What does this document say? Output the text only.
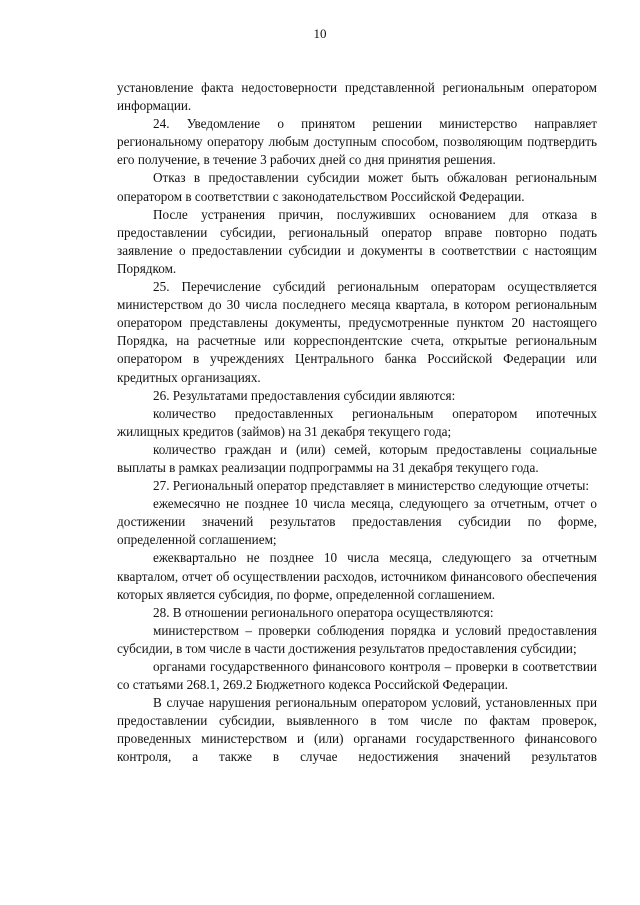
10

установление факта недостоверности представленной региональным оператором информации.

24. Уведомление о принятом решении министерство направляет региональному оператору любым доступным способом, позволяющим подтвердить его получение, в течение 3 рабочих дней со дня принятия решения.

Отказ в предоставлении субсидии может быть обжалован региональным оператором в соответствии с законодательством Российской Федерации.

После устранения причин, послуживших основанием для отказа в предоставлении субсидии, региональный оператор вправе повторно подать заявление о предоставлении субсидии и документы в соответствии с настоящим Порядком.

25. Перечисление субсидий региональным операторам осуществляется министерством до 30 числа последнего месяца квартала, в котором региональным оператором представлены документы, предусмотренные пунктом 20 настоящего Порядка, на расчетные или корреспондентские счета, открытые региональным оператором в учреждениях Центрального банка Российской Федерации или кредитных организациях.

26. Результатами предоставления субсидии являются:

количество предоставленных региональным оператором ипотечных жилищных кредитов (займов) на 31 декабря текущего года;

количество граждан и (или) семей, которым предоставлены социальные выплаты в рамках реализации подпрограммы на 31 декабря текущего года.

27. Региональный оператор представляет в министерство следующие отчеты:

ежемесячно не позднее 10 числа месяца, следующего за отчетным, отчет о достижении значений результатов предоставления субсидии по форме, определенной соглашением;

ежеквартально не позднее 10 числа месяца, следующего за отчетным кварталом, отчет об осуществлении расходов, источником финансового обеспечения которых является субсидия, по форме, определенной соглашением.

28. В отношении регионального оператора осуществляются:

министерством – проверки соблюдения порядка и условий предоставления субсидии, в том числе в части достижения результатов предоставления субсидии;

органами государственного финансового контроля – проверки в соответствии со статьями 268.1, 269.2 Бюджетного кодекса Российской Федерации.

В случае нарушения региональным оператором условий, установленных при предоставлении субсидии, выявленного в том числе по фактам проверок, проведенных министерством и (или) органами государственного финансового контроля, а также в случае недостижения значений результатов
